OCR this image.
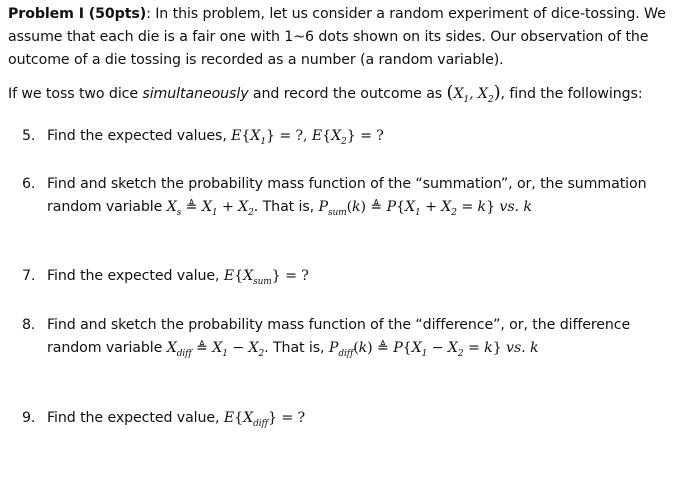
Problem I (50pts): In this problem, let us consider a random experiment of dice-tossing. We
assume that each die is a fair one with 1~6 dots shown on its sides. Our observation of the
outcome of a die tossing is recorded as a number (a random variable).
If we toss two dice simultaneously and record the outcome as ($X_1$, $X_2$), find the followings:
5. Find the expected values, $E\{X_1\}$ = ?, $E\{X_2\}$ = ?
6. Find and sketch the probability mass function of the “summation”, or, the summation
random variable $X_s$ ≜ $X_1 + X_2$. That is, $P_{sum}(k)$ ≜ $P\{X_1 + X_2 = k\}$ vs. k
7. Find the expected value, $E\{X_{sum}\}$ = ?
8. Find and sketch the probability mass function of the “difference”, or, the difference
random variable $X_{diff}$ ≜ $X_1 - X_2$. That is, $P_{diff}(k)$ ≜ $P\{X_1 - X_2 = k\}$ vs. k
9. Find the expected value, $E\{X_{diff}\}$ = ?
